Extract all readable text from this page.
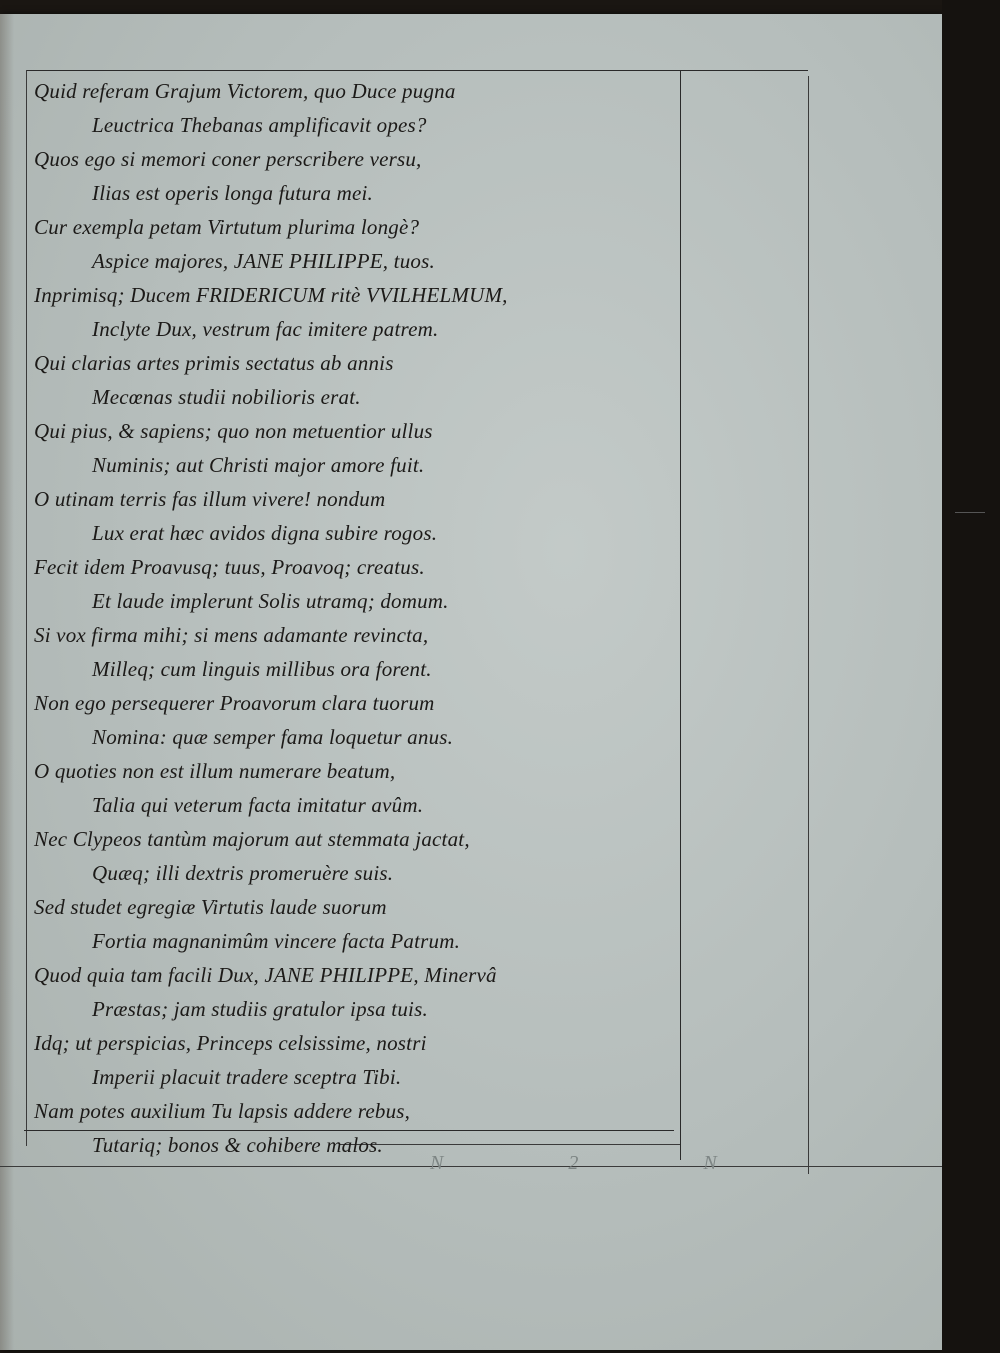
Quid referam Grajum Victorem, quo Duce pugna
Leuctrica Thebanas amplificavit opes?
Quos ego si memori coner perscribere versu,
Ilias est operis longa futura mei.
Cur exempla petam Virtutum plurima longè?
Aspice majores, JANE PHILIPPE, tuos.
Inprimisq; Ducem FRIDERICUM ritè VVILHELMUM,
Inclyte Dux, vestrum fac imitere patrem.
Qui clarias artes primis sectatus ab annis
Mecœnas studii nobilioris erat.
Qui pius, & sapiens; quo non metuentior ullus
Numinis; aut Christi major amore fuit.
O utinam terris fas illum vivere! nondum
Lux erat hæc avidos digna subire rogos.
Fecit idem Proavusq; tuus, Proavoq; creatus.
Et laude implerunt Solis utramq; domum.
Si vox firma mihi; si mens adamante revincta,
Milleq; cum linguis millibus ora forent.
Non ego persequerer Proavorum clara tuorum
Nomina: quæ semper fama loquetur anus.
O quoties non est illum numerare beatum,
Talia qui veterum facta imitatur avûm.
Nec Clypeos tantùm majorum aut stemmata jactat,
Quæq; illi dextris promeruère suis.
Sed studet egregiæ Virtutis laude suorum
Fortia magnanimûm vincere facta Patrum.
Quod quia tam facili Dux, JANE PHILIPPE, Minervâ
Præstas; jam studiis gratulor ipsa tuis.
Idq; ut perspicias, Princeps celsissime, nostri
Imperii placuit tradere sceptra Tibi.
Nam potes auxilium Tu lapsis addere rebus,
Tutariq; bonos & cohibere malos.
N 2 N
